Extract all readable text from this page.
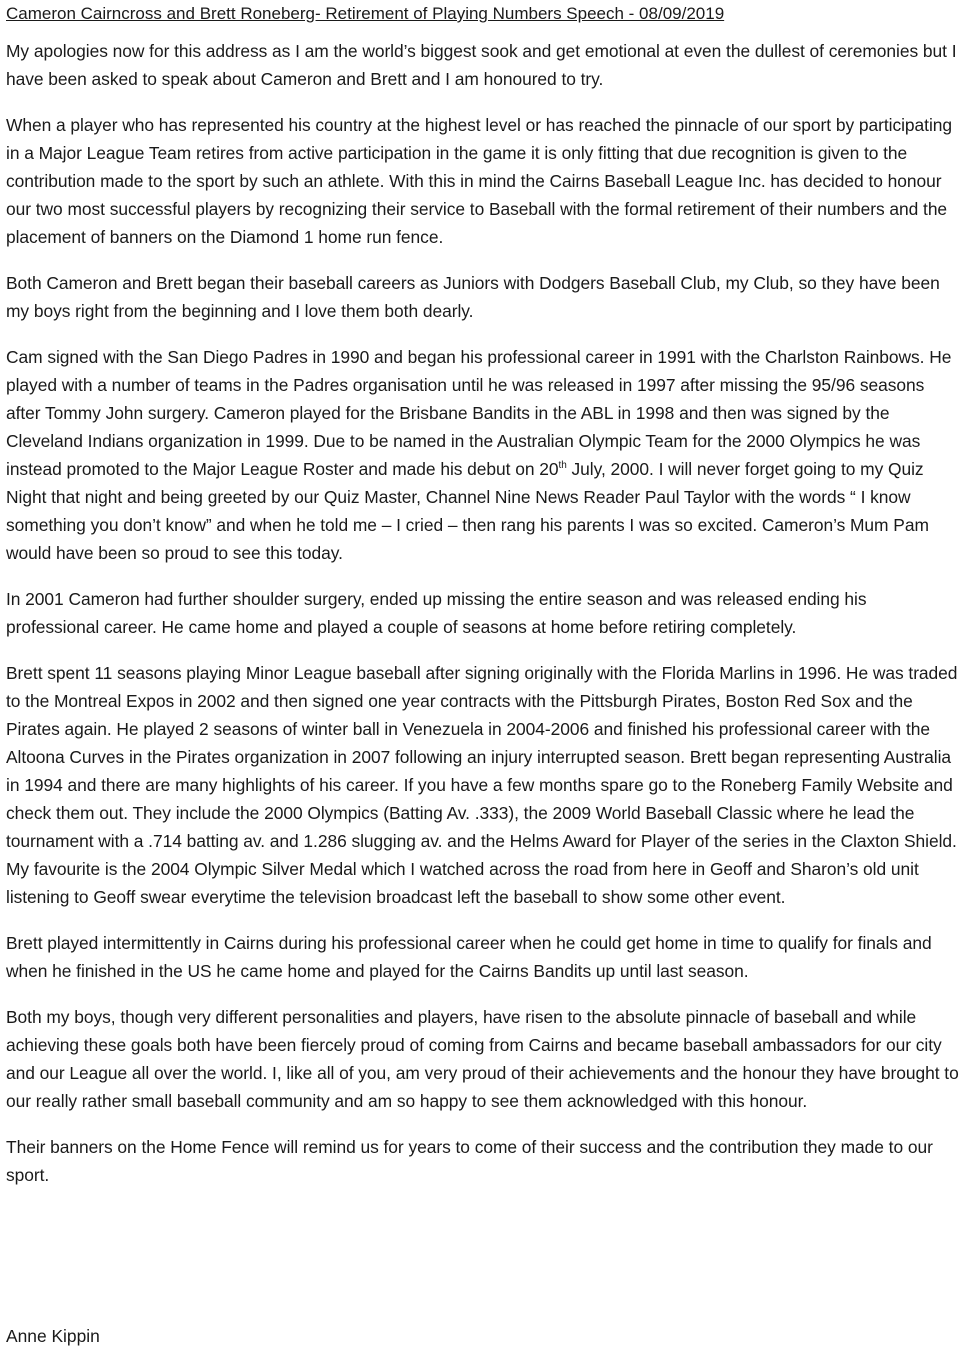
Cameron Cairncross and Brett Roneberg- Retirement of Playing Numbers Speech - 08/09/2019

My apologies now for this address as I am the world’s biggest sook and get emotional at even the dullest of ceremonies but I have been asked to speak about Cameron and Brett and I am honoured to try.

When a player who has represented his country at the highest level or has reached the pinnacle of our sport by participating in a Major League Team retires from active participation in the game it is only fitting that due recognition is given to the contribution made to the sport by such an athlete. With this in mind the Cairns Baseball League Inc. has decided to honour our two most successful players by recognizing their service to Baseball with the formal retirement of their numbers and the placement of banners on the Diamond 1 home run fence.

Both Cameron and Brett began their baseball careers as Juniors with Dodgers Baseball Club, my Club, so they have been my boys right from the beginning and I love them both dearly.

Cam signed with the San Diego Padres in 1990 and began his professional career in 1991 with the Charlston Rainbows. He played with a number of teams in the Padres organisation until he was released in 1997 after missing the 95/96 seasons after Tommy John surgery. Cameron played for the Brisbane Bandits in the ABL in 1998 and then was signed by the Cleveland Indians organization in 1999. Due to be named in the Australian Olympic Team for the 2000 Olympics he was instead promoted to the Major League Roster and made his debut on 20th July, 2000. I will never forget going to my Quiz Night that night and being greeted by our Quiz Master, Channel Nine News Reader Paul Taylor with the words “ I know something you don’t know” and when he told me – I cried – then rang his parents I was so excited. Cameron’s Mum Pam would have been so proud to see this today.

In 2001 Cameron had further shoulder surgery, ended up missing the entire season and was released ending his professional career. He came home and played a couple of seasons at home before retiring completely.

Brett spent 11 seasons playing Minor League baseball after signing originally with the Florida Marlins in 1996. He was traded to the Montreal Expos in 2002 and then signed one year contracts with the Pittsburgh Pirates, Boston Red Sox and the Pirates again. He played 2 seasons of winter ball in Venezuela in 2004-2006 and finished his professional career with the Altoona Curves in the Pirates organization in 2007 following an injury interrupted season. Brett began representing Australia in 1994 and there are many highlights of his career. If you have a few months spare go to the Roneberg Family Website and check them out. They include the 2000 Olympics (Batting Av. .333), the 2009 World Baseball Classic where he lead the tournament with a .714 batting av. and 1.286 slugging av. and the Helms Award for Player of the series in the Claxton Shield. My favourite is the 2004 Olympic Silver Medal which I watched across the road from here in Geoff and Sharon’s old unit listening to Geoff swear everytime the television broadcast left the baseball to show some other event.

Brett played intermittently in Cairns during his professional career when he could get home in time to qualify for finals and when he finished in the US he came home and played for the Cairns Bandits up until last season.

Both my boys, though very different personalities and players, have risen to the absolute pinnacle of baseball and while achieving these goals both have been fiercely proud of coming from Cairns and became baseball ambassadors for our city and our League all over the world. I, like all of you, am very proud of their achievements and the honour they have brought to our really rather small baseball community and am so happy to see them acknowledged with this honour.

Their banners on the Home Fence will remind us for years to come of their success and the contribution they made to our sport.

Anne Kippin
